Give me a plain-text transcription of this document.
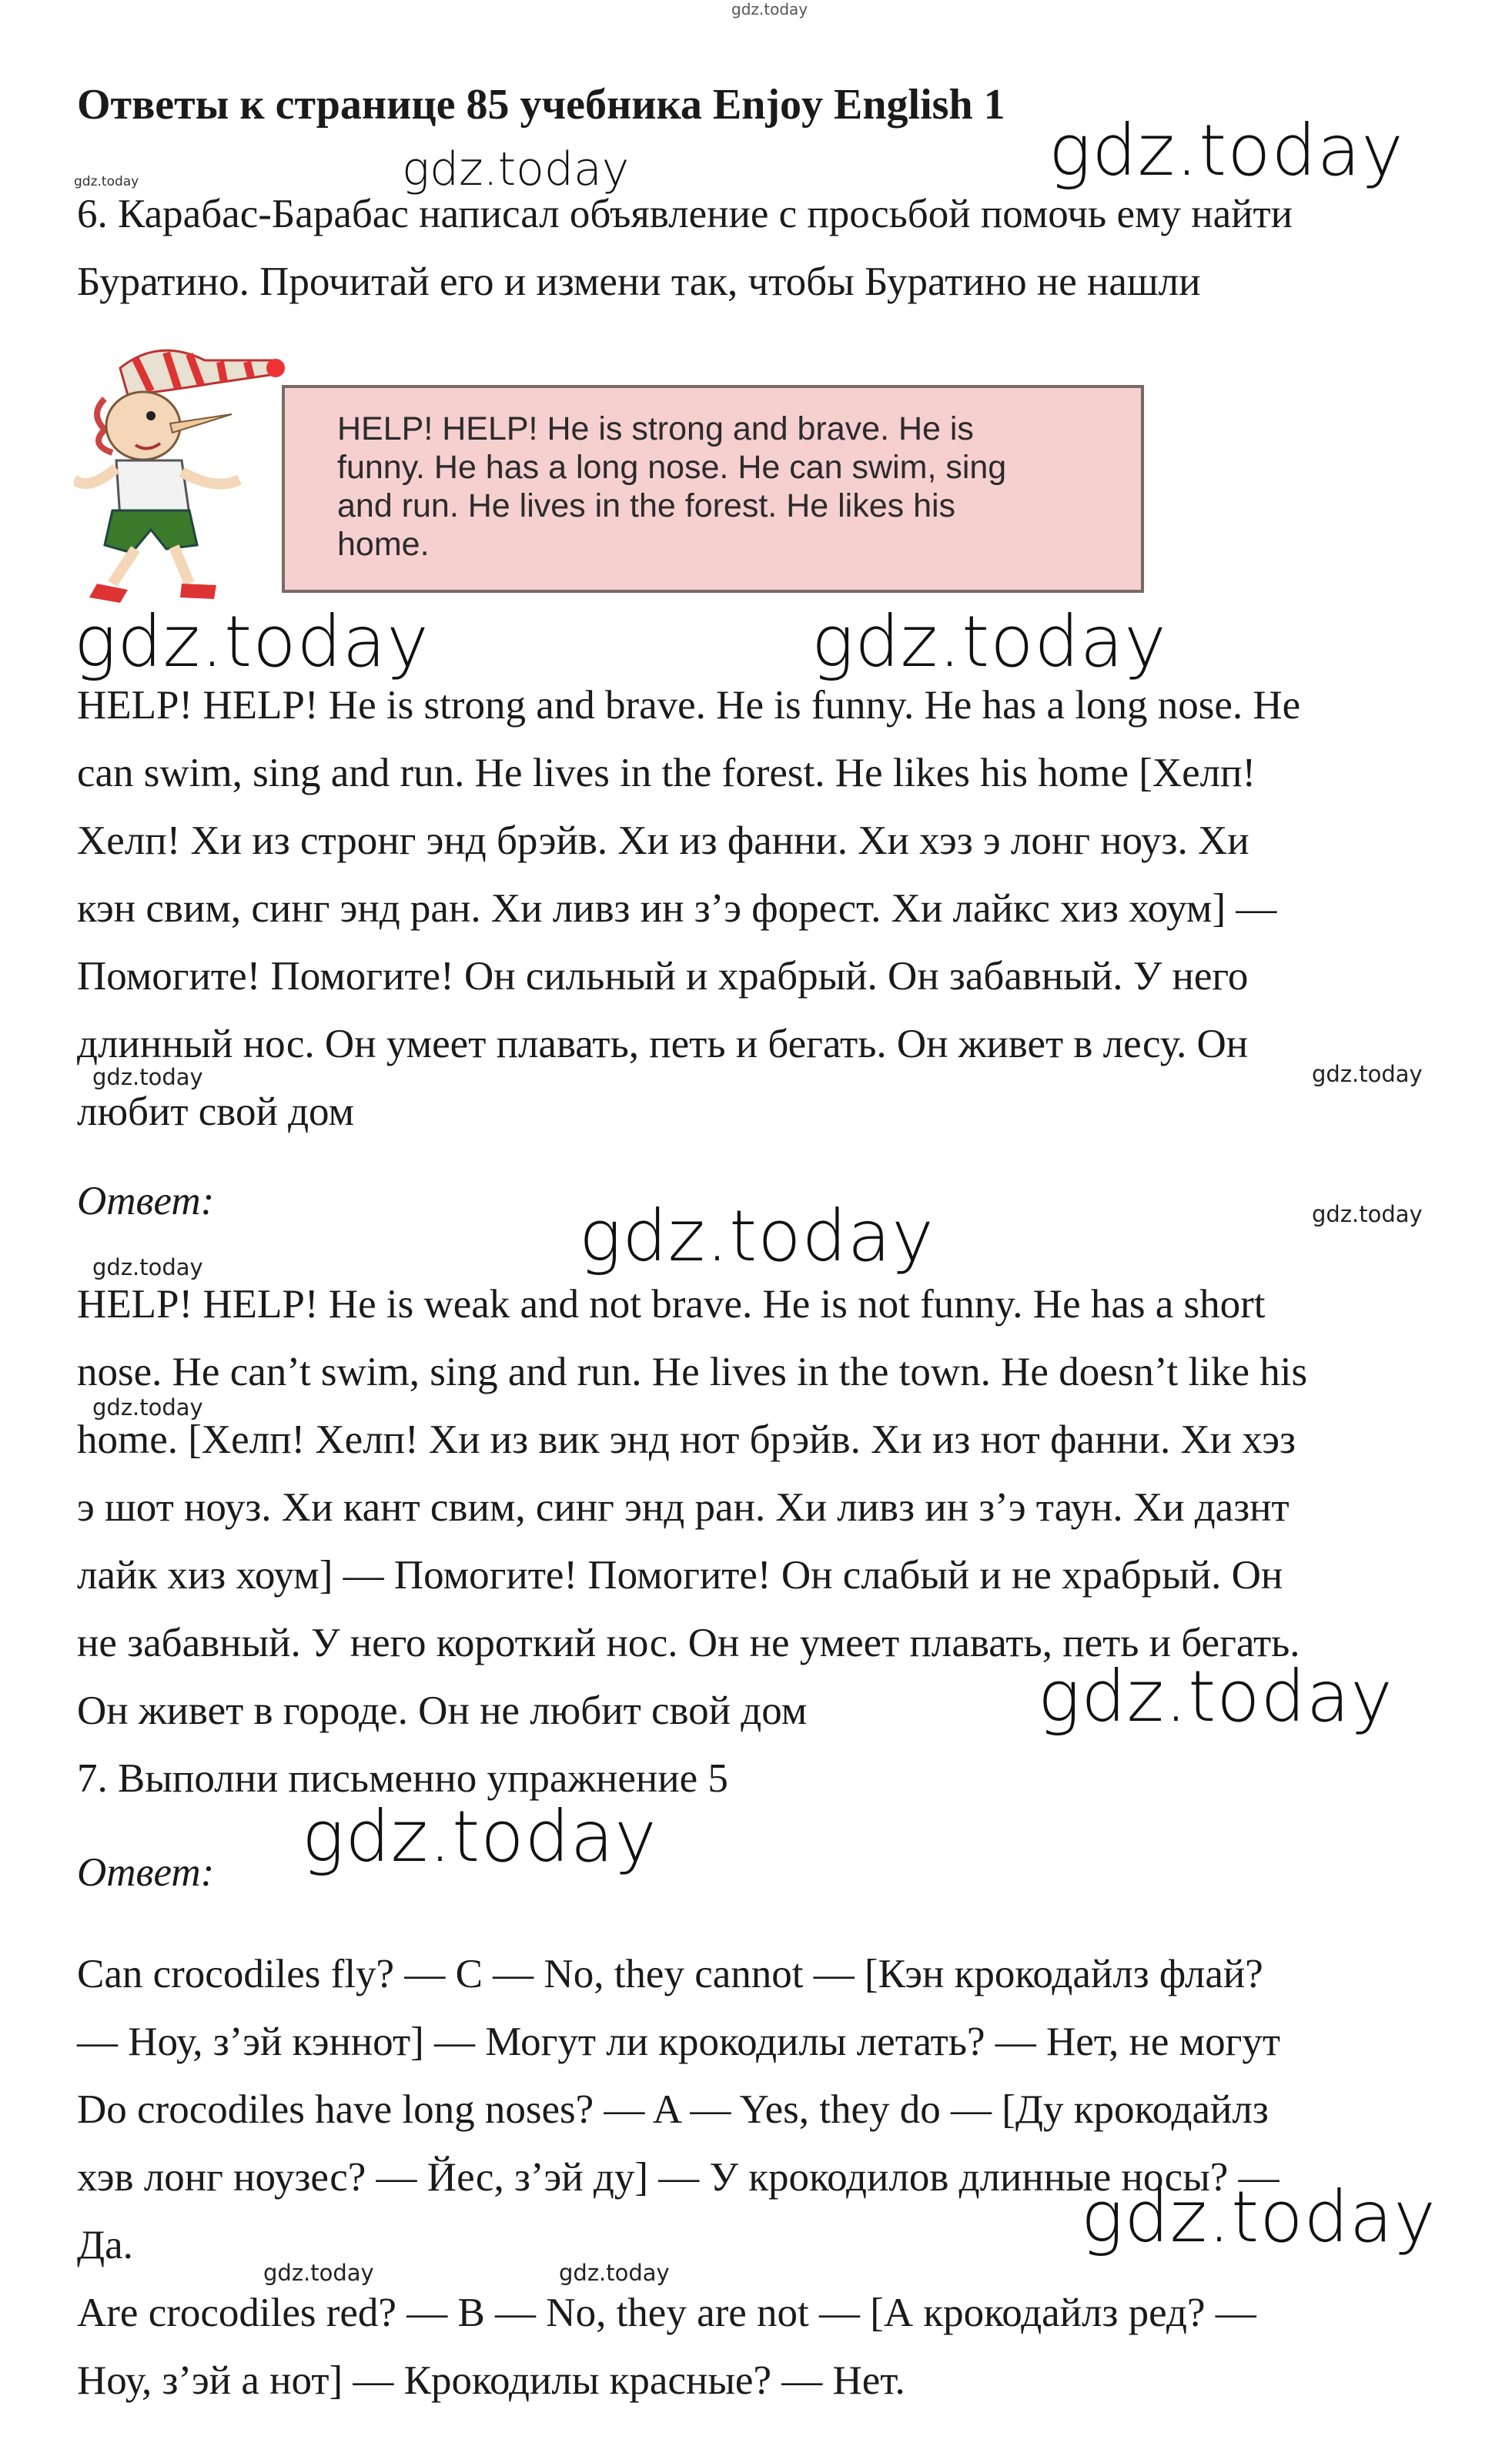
Ответы к странице 85 учебника Enjoy English 1
6. Карабас-Барабас написал объявление с просьбой помочь ему найти
Буратино. Прочитай его и измени так, чтобы Буратино не нашли
HELP! HELP! He is strong and brave. He is
funny. He has a long nose. He can swim, sing
and run. He lives in the forest. He likes his
home.
HELP! HELP! He is strong and brave. He is funny. He has a long nose. He
can swim, sing and run. He lives in the forest. He likes his home [Хелп!
Хелп! Хи из стронг энд брэйв. Хи из фанни. Хи хэз э лонг ноуз. Хи
кэн свим, синг энд ран. Хи ливз ин з’э форест. Хи лайкс хиз хоум] —
Помогите! Помогите! Он сильный и храбрый. Он забавный. У него
длинный нос. Он умеет плавать, петь и бегать. Он живет в лесу. Он
любит свой дом
Ответ:
HELP! HELP! He is weak and not brave. He is not funny. He has a short
nose. He can’t swim, sing and run. He lives in the town. He doesn’t like his
home. [Хелп! Хелп! Хи из вик энд нот брэйв. Хи из нот фанни. Хи хэз
э шот ноуз. Хи кант свим, синг энд ран. Хи ливз ин з’э таун. Хи дазнт
лайк хиз хоум] — Помогите! Помогите! Он слабый и не храбрый. Он
не забавный. У него короткий нос. Он не умеет плавать, петь и бегать.
Он живет в городе. Он не любит свой дом
7. Выполни письменно упражнение 5
Ответ:
Can crocodiles fly? — C — No, they cannot — [Кэн крокодайлз флай?
— Ноу, з’эй кэннот] — Могут ли крокодилы летать? — Нет, не могут
Do crocodiles have long noses? — A — Yes, they do — [Ду крокодайлз
хэв лонг ноузес? — Йес, з’эй ду] — У крокодилов длинные носы? —
Да.
Are crocodiles red? — B — No, they are not — [А крокодайлз ред? —
Ноу, з’эй а нот] — Крокодилы красные? — Нет.
gdz.today
gdz.today	gdz.today	gdz.today
gdz.today	gdz.today
gdz.today	gdz.today
gdz.today
gdz.today
gdz.today
gdz.today
gdz.today
gdz.today
gdz.today
gdz.today	gdz.today
